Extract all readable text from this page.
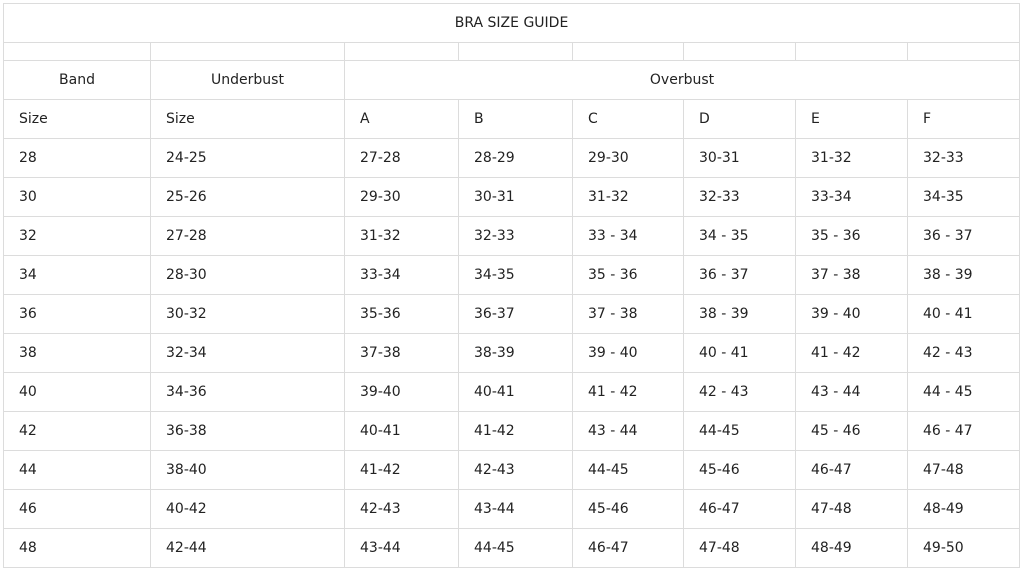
BRA SIZE GUIDE							

Band	Underbust	Overbust					
Size	Size	A	B	C	D	E	F
28	24-25	27-28	28-29	29-30	30-31	31-32	32-33
30	25-26	29-30	30-31	31-32	32-33	33-34	34-35
32	27-28	31-32	32-33	33 - 34	34 - 35	35 - 36	36 - 37
34	28-30	33-34	34-35	35 - 36	36 - 37	37 - 38	38 - 39
36	30-32	35-36	36-37	37 - 38	38 - 39	39 - 40	40 - 41
38	32-34	37-38	38-39	39 - 40	40 - 41	41 - 42	42 - 43
40	34-36	39-40	40-41	41 - 42	42 - 43	43 - 44	44 - 45
42	36-38	40-41	41-42	43 - 44	44-45	45 - 46	46 - 47
44	38-40	41-42	42-43	44-45	45-46	46-47	47-48
46	40-42	42-43	43-44	45-46	46-47	47-48	48-49
48	42-44	43-44	44-45	46-47	47-48	48-49	49-50
